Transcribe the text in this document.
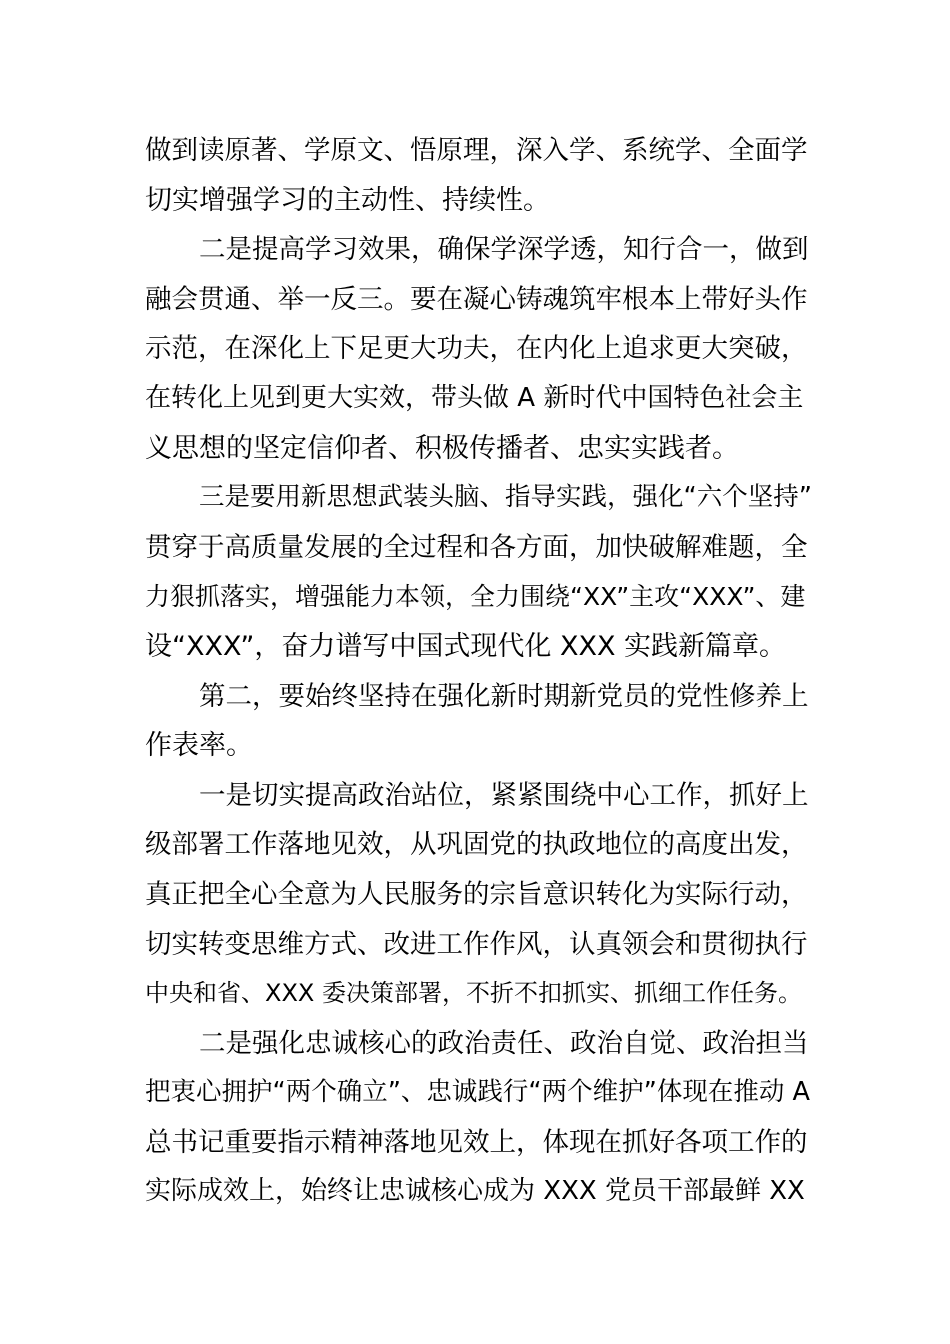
做到读原著、学原文、悟原理，深入学、系统学、全面学
切实增强学习的主动性、持续性。
二是提高学习效果，确保学深学透，知行合一，做到
融会贯通、举一反三。要在凝心铸魂筑牢根本上带好头作
示范，在深化上下足更大功夫，在内化上追求更大突破，
在转化上见到更大实效，带头做 A 新时代中国特色社会主
义思想的坚定信仰者、积极传播者、忠实实践者。
三是要用新思想武装头脑、指导实践，强化“六个坚持”
贯穿于高质量发展的全过程和各方面，加快破解难题，全
力狠抓落实，增强能力本领，全力围绕“XX”主攻“XXX”、建
设“XXX”，奋力谱写中国式现代化 XXX 实践新篇章。
第二，要始终坚持在强化新时期新党员的党性修养上
作表率。
一是切实提高政治站位，紧紧围绕中心工作，抓好上
级部署工作落地见效，从巩固党的执政地位的高度出发，
真正把全心全意为人民服务的宗旨意识转化为实际行动，
切实转变思维方式、改进工作作风，认真领会和贯彻执行
中央和省、XXX 委决策部署，不折不扣抓实、抓细工作任务。
二是强化忠诚核心的政治责任、政治自觉、政治担当
把衷心拥护“两个确立”、忠诚践行“两个维护”体现在推动 A
总书记重要指示精神落地见效上，体现在抓好各项工作的
实际成效上，始终让忠诚核心成为 XXX 党员干部最鲜 XX
